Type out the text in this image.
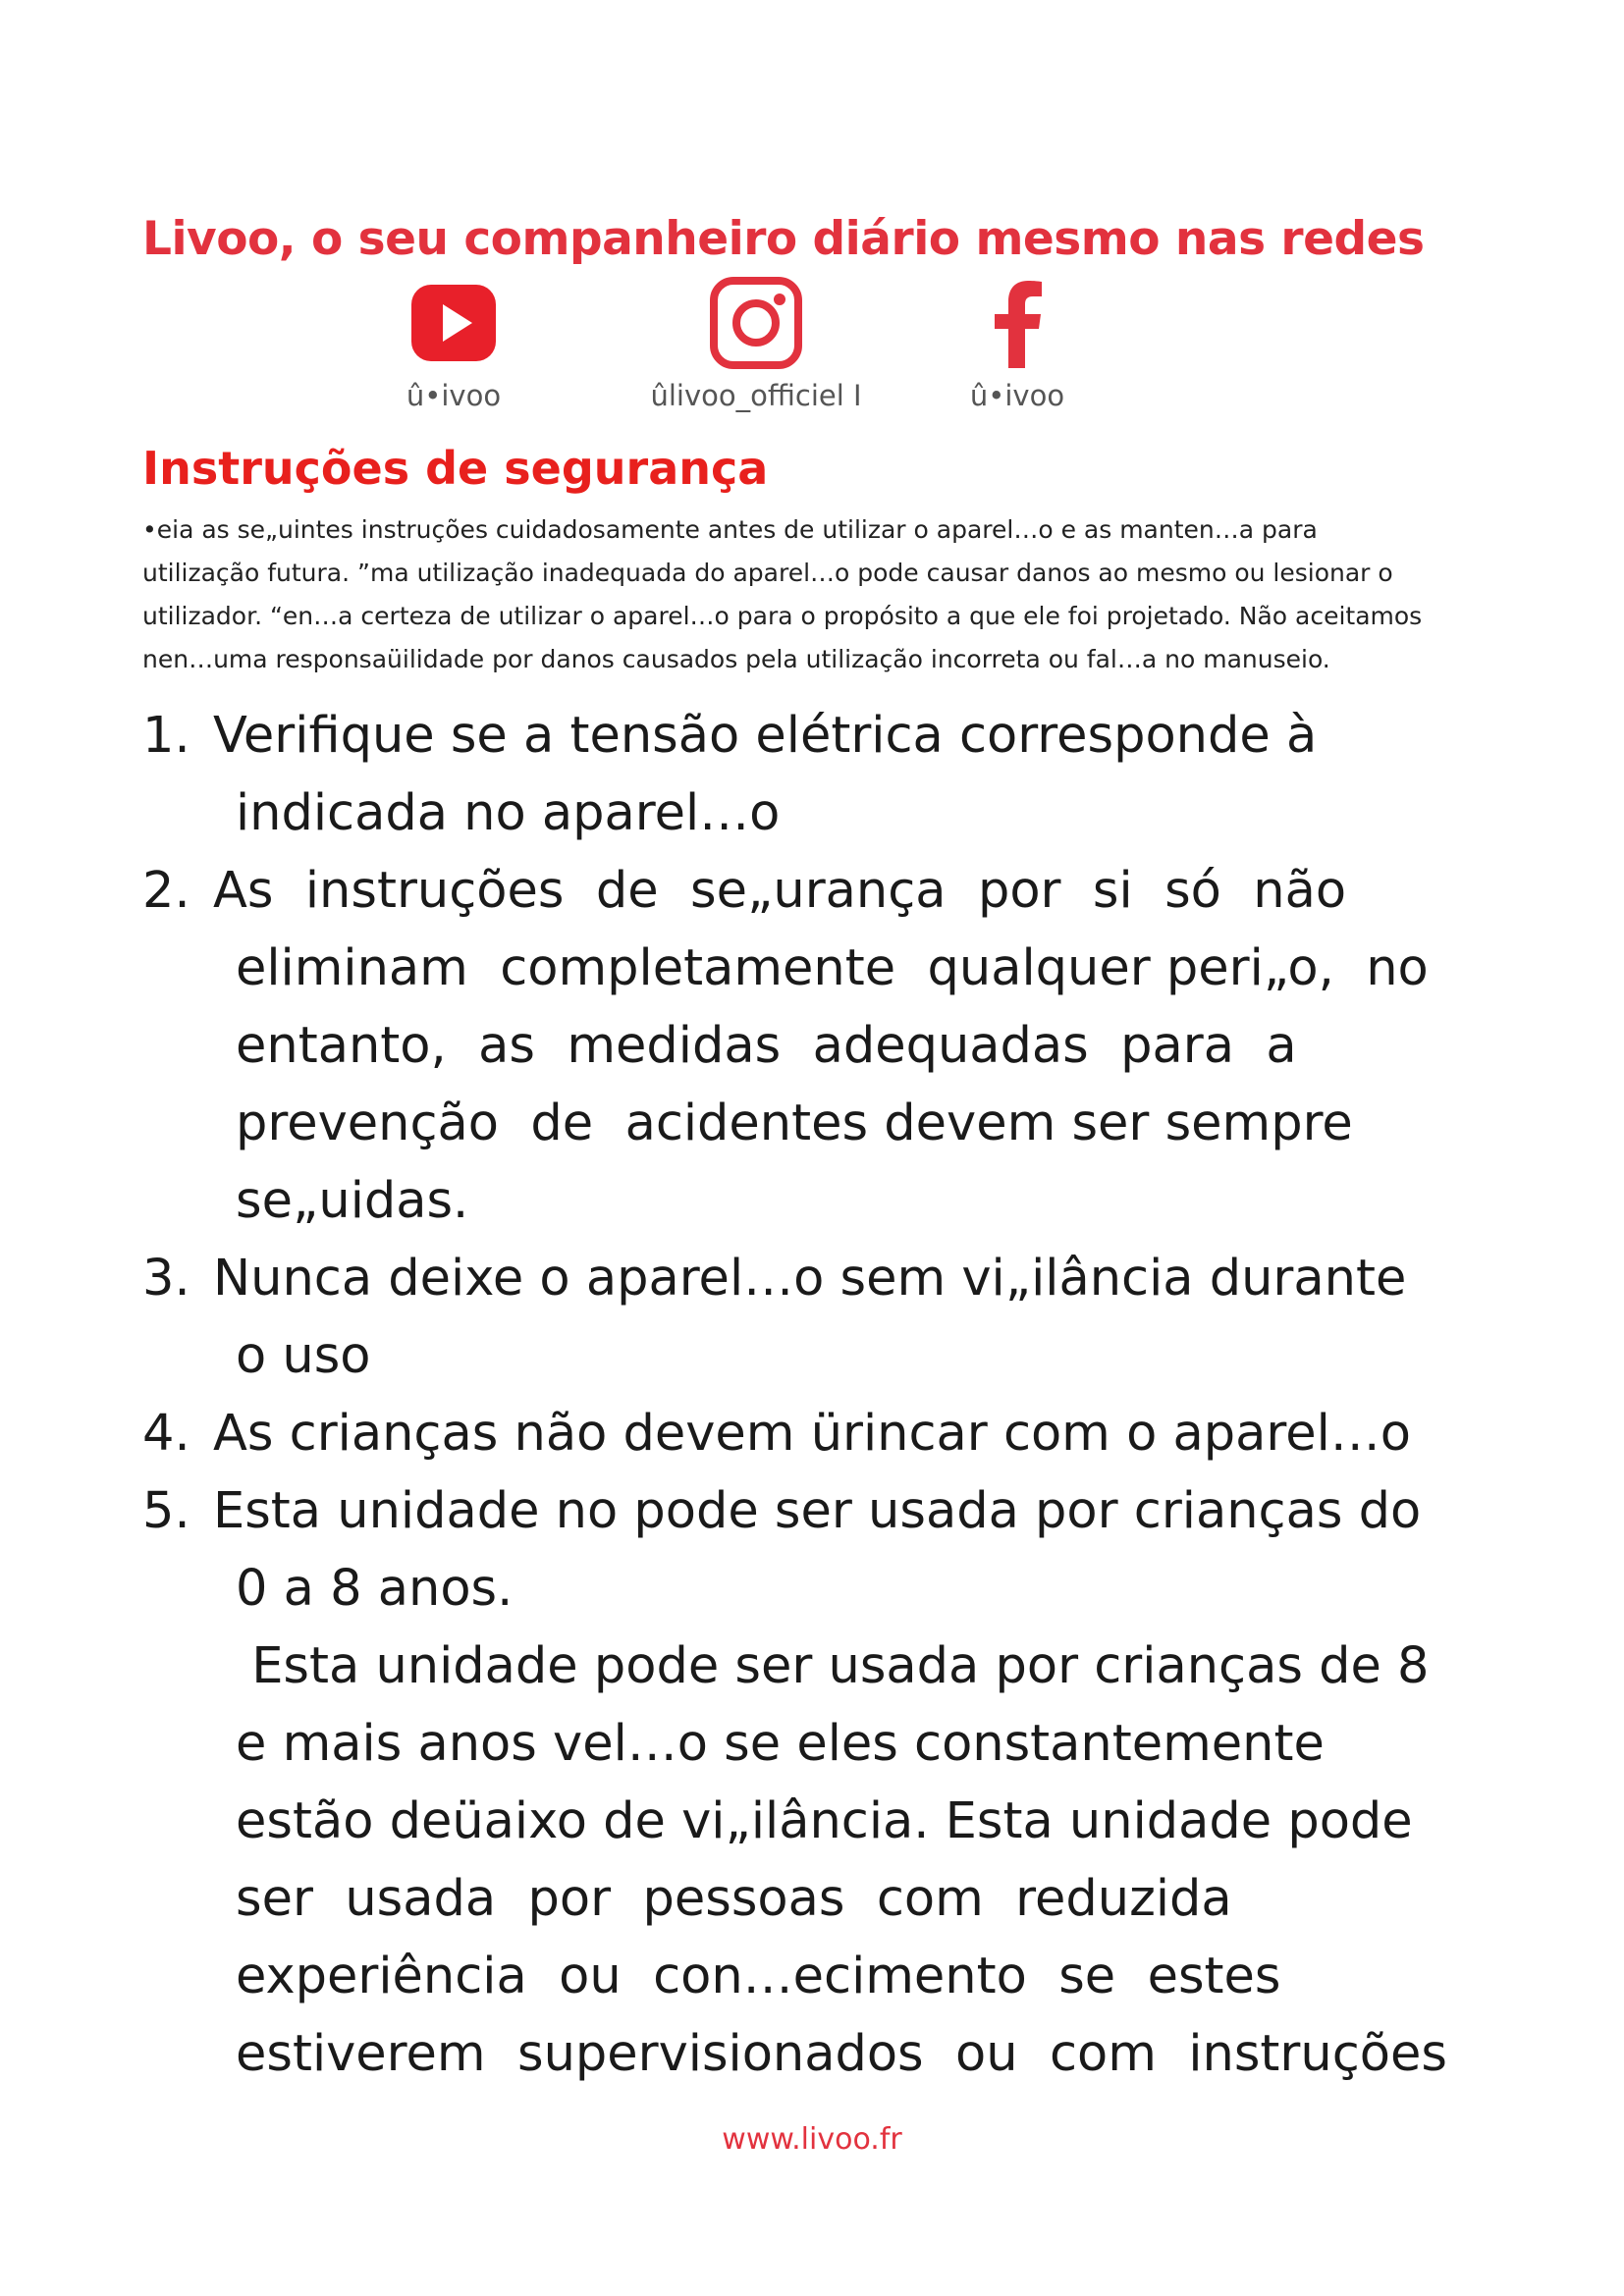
Livoo, o seu companheiro diário mesmo nas redes
û•ivoo	ûlivoo_officiel I	û•ivoo
Instruções de segurança
•eia as se„uintes instruções cuidadosamente antes de utilizar o aparel…o e as manten…a para
utilização futura. ”ma utilização inadequada do aparel…o pode causar danos ao mesmo ou lesionar o
utilizador. “en…a certeza de utilizar o aparel…o para o propósito a que ele foi projetado. Não aceitamos
nen…uma responsaüilidade por danos causados pela utilização incorreta ou fal…a no manuseio.
1. Verifique se a tensão elétrica corresponde à
indicada no aparel…o
2. As  instruções  de  se„urança  por  si  só  não
eliminam  completamente  qualquer peri„o,  no
entanto,  as  medidas  adequadas  para  a
prevenção  de  acidentes devem ser sempre
se„uidas.
3. Nunca deixe o aparel…o sem vi„ilância durante
o uso
4. As crianças não devem ürincar com o aparel…o
5. Esta unidade no pode ser usada por crianças do
0 a 8 anos.
Esta unidade pode ser usada por crianças de 8
e mais anos vel…o se eles constantemente
estão deüaixo de vi„ilância. Esta unidade pode
ser  usada  por  pessoas  com  reduzida
experiência  ou  con…ecimento  se  estes
estiverem  supervisionados  ou  com  instruções
www.livoo.fr
